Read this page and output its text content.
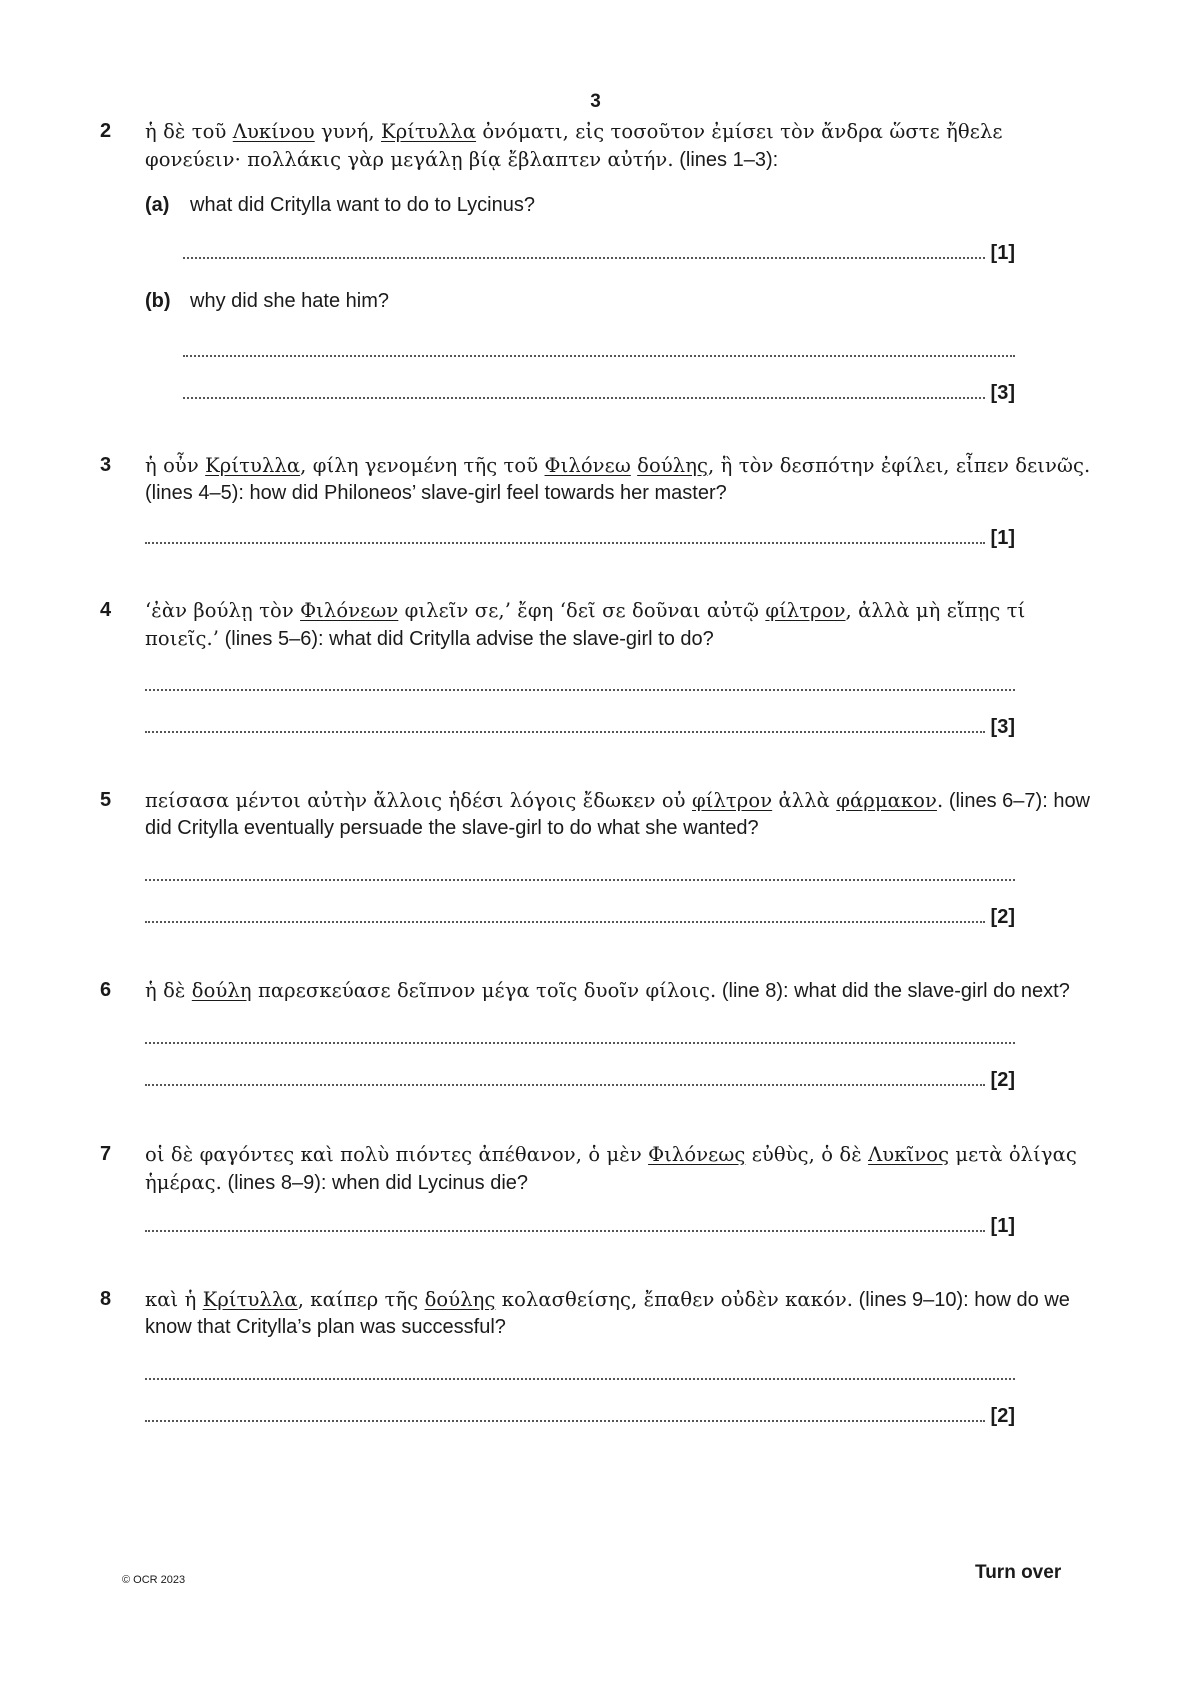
3
2 ἡ δὲ τοῦ Λυκίνου γυνή, Κρίτυλλα ὀνόματι, εἰς τοσοῦτον ἐμίσει τὸν ἄνδρα ὥστε ἤθελε φονεύειν· πολλάκις γὰρ μεγάλῃ βίᾳ ἔβλαπτεν αὐτήν. (lines 1–3):
(a) what did Critylla want to do to Lycinus?
[1]
(b) why did she hate him?
[3]
3 ἡ οὖν Κρίτυλλα, φίλη γενομένη τῆς τοῦ Φιλόνεω δούλης, ἣ τὸν δεσπότην ἐφίλει, εἶπεν δεινῶς. (lines 4–5): how did Philoneos’ slave-girl feel towards her master?
[1]
4 ‘ἐὰν βούλῃ τὸν Φιλόνεων φιλεῖν σε,’ ἔφη ‘δεῖ σε δοῦναι αὐτῷ φίλτρον, ἀλλὰ μὴ εἴπῃς τί ποιεῖς.’ (lines 5–6): what did Critylla advise the slave-girl to do?
[3]
5 πείσασα μέντοι αὐτὴν ἄλλοις ἡδέσι λόγοις ἔδωκεν οὐ φίλτρον ἀλλὰ φάρμακον. (lines 6–7): how did Critylla eventually persuade the slave-girl to do what she wanted?
[2]
6 ἡ δὲ δούλη παρεσκεύασε δεῖπνον μέγα τοῖς δυοῖν φίλοις. (line 8): what did the slave-girl do next?
[2]
7 οἱ δὲ φαγόντες καὶ πολὺ πιόντες ἀπέθανον, ὁ μὲν Φιλόνεως εὐθὺς, ὁ δὲ Λυκῖνος μετὰ ὀλίγας ἡμέρας. (lines 8–9): when did Lycinus die?
[1]
8 καὶ ἡ Κρίτυλλα, καίπερ τῆς δούλης κολασθείσης, ἔπαθεν οὐδὲν κακόν. (lines 9–10): how do we know that Critylla’s plan was successful?
[2]
© OCR 2023	Turn over
